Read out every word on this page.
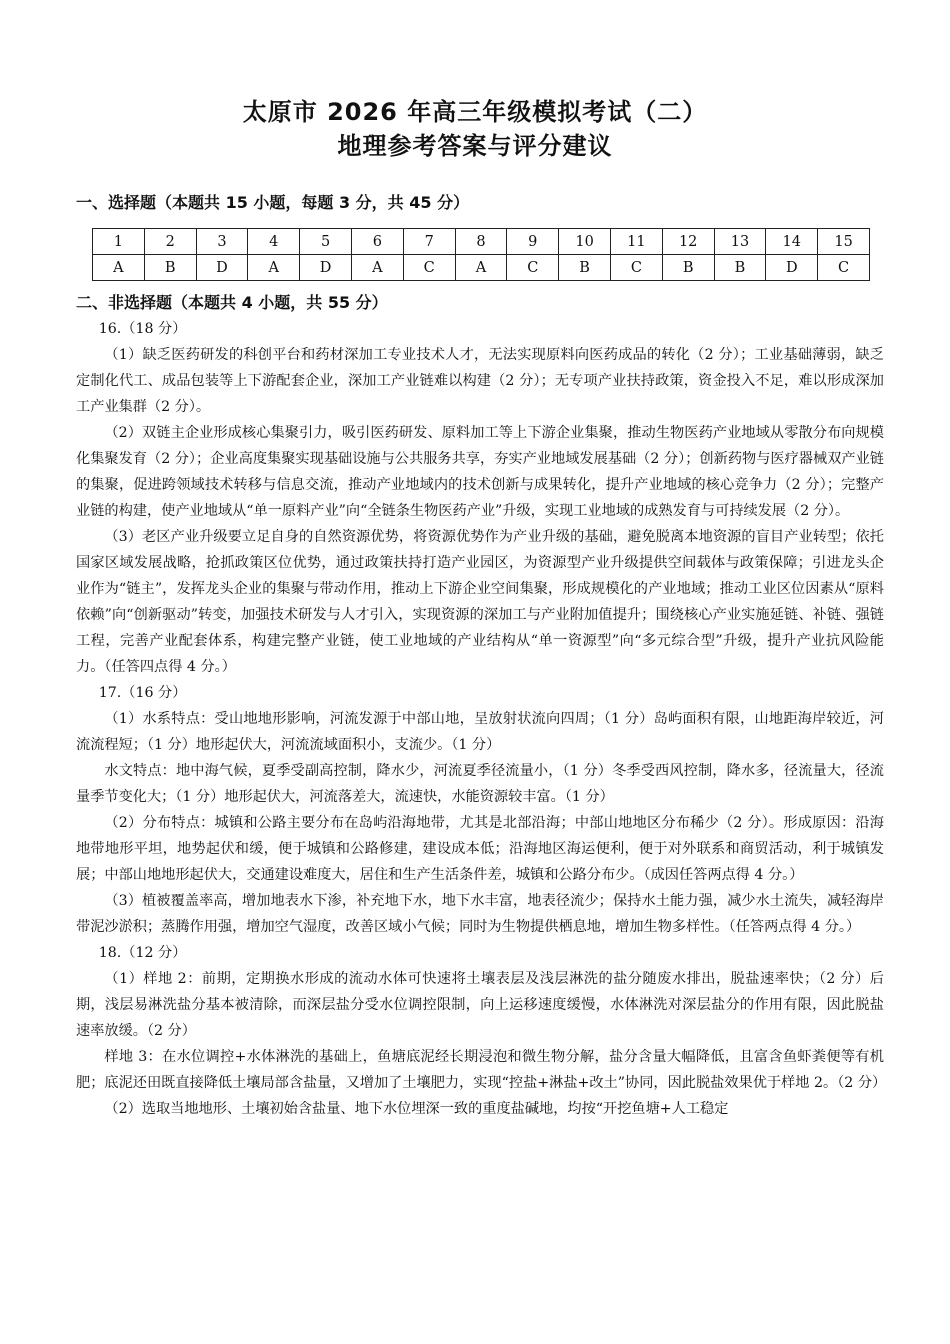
太原市 2026 年高三年级模拟考试（二）
地理参考答案与评分建议
一、选择题（本题共 15 小题，每题 3 分，共 45 分）
1	2	3	4	5	6	7	8	9	10	11	12	13	14	15
A	B	D	A	D	A	C	A	C	B	C	B	B	D	C
二、非选择题（本题共 4 小题，共 55 分）

16.（18 分）

（1）缺乏医药研发的科创平台和药材深加工专业技术人才，无法实现原料向医药成品的转化（2 分）；工业基础薄弱，缺乏定制化代工、成品包装等上下游配套企业，深加工产业链难以构建（2 分）；无专项产业扶持政策，资金投入不足，难以形成深加工产业集群（2 分）。

（2）双链主企业形成核心集聚引力，吸引医药研发、原料加工等上下游企业集聚，推动生物医药产业地域从零散分布向规模化集聚发育（2 分）；企业高度集聚实现基础设施与公共服务共享，夯实产业地域发展基础（2 分）；创新药物与医疗器械双产业链的集聚，促进跨领域技术转移与信息交流，推动产业地域内的技术创新与成果转化，提升产业地域的核心竞争力（2 分）；完整产业链的构建，使产业地域从“单一原料产业”向“全链条生物医药产业”升级，实现工业地域的成熟发育与可持续发展（2 分）。

（3）老区产业升级要立足自身的自然资源优势，将资源优势作为产业升级的基础，避免脱离本地资源的盲目产业转型；依托国家区域发展战略，抢抓政策区位优势，通过政策扶持打造产业园区，为资源型产业升级提供空间载体与政策保障；引进龙头企业作为“链主”，发挥龙头企业的集聚与带动作用，推动上下游企业空间集聚，形成规模化的产业地域；推动工业区位因素从“原料依赖”向“创新驱动”转变，加强技术研发与人才引入，实现资源的深加工与产业附加值提升；围绕核心产业实施延链、补链、强链工程，完善产业配套体系，构建完整产业链，使工业地域的产业结构从“单一资源型”向“多元综合型”升级，提升产业抗风险能力。（任答四点得 4 分。）

17.（16 分）

（1）水系特点：受山地地形影响，河流发源于中部山地，呈放射状流向四周；（1 分）岛屿面积有限，山地距海岸较近，河流流程短；（1 分）地形起伏大，河流流域面积小，支流少。（1 分）

水文特点：地中海气候，夏季受副高控制，降水少，河流夏季径流量小，（1 分）冬季受西风控制，降水多，径流量大，径流量季节变化大；（1 分）地形起伏大，河流落差大，流速快，水能资源较丰富。（1 分）

（2）分布特点：城镇和公路主要分布在岛屿沿海地带，尤其是北部沿海；中部山地地区分布稀少（2 分）。形成原因：沿海地带地形平坦，地势起伏和缓，便于城镇和公路修建，建设成本低；沿海地区海运便利，便于对外联系和商贸活动，利于城镇发展；中部山地地形起伏大，交通建设难度大，居住和生产生活条件差，城镇和公路分布少。（成因任答两点得 4 分。）

（3）植被覆盖率高，增加地表水下渗，补充地下水，地下水丰富，地表径流少；保持水土能力强，减少水土流失，减轻海岸带泥沙淤积；蒸腾作用强，增加空气湿度，改善区域小气候；同时为生物提供栖息地，增加生物多样性。（任答两点得 4 分。）

18.（12 分）

（1）样地 2：前期，定期换水形成的流动水体可快速将土壤表层及浅层淋洗的盐分随废水排出，脱盐速率快；（2 分）后期，浅层易淋洗盐分基本被清除，而深层盐分受水位调控限制，向上运移速度缓慢，水体淋洗对深层盐分的作用有限，因此脱盐速率放缓。（2 分）

样地 3：在水位调控+水体淋洗的基础上，鱼塘底泥经长期浸泡和微生物分解，盐分含量大幅降低，且富含鱼虾粪便等有机肥；底泥还田既直接降低土壤局部含盐量，又增加了土壤肥力，实现“控盐+淋盐+改土”协同，因此脱盐效果优于样地 2。（2 分）

（2）选取当地地形、土壤初始含盐量、地下水位埋深一致的重度盐碱地，均按“开挖鱼塘+人工稳定
